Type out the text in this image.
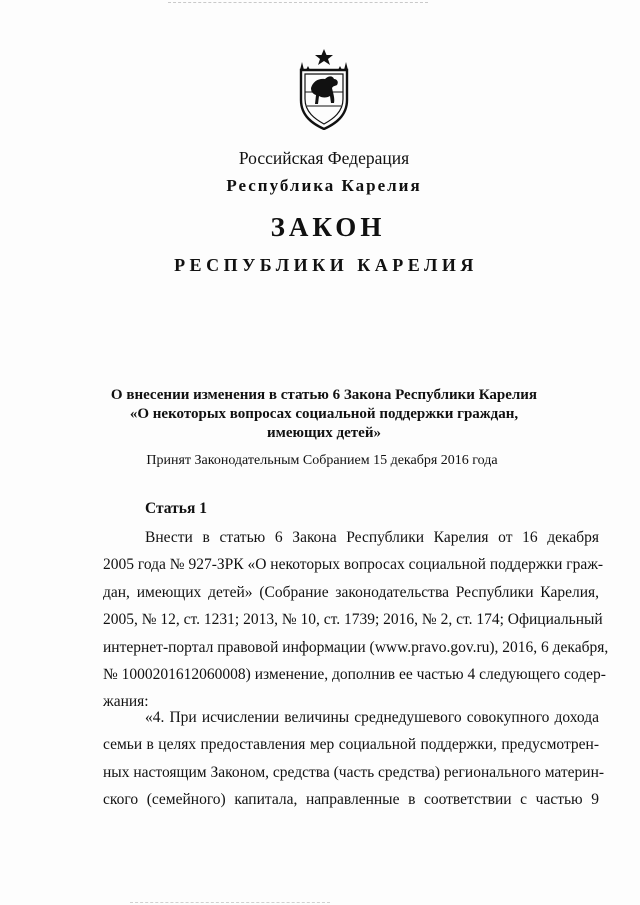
Российская Федерация
Республика Карелия
ЗАКОН
РЕСПУБЛИКИ КАРЕЛИЯ
О внесении изменения в статью 6 Закона Республики Карелия
«О некоторых вопросах социальной поддержки граждан,
имеющих детей»
Принят Законодательным Собранием 15 декабря 2016 года
Статья 1
Внести в статью 6 Закона Республики Карелия от 16 декабря
2005 года № 927-ЗРК «О некоторых вопросах социальной поддержки граж-
дан, имеющих детей» (Собрание законодательства Республики Карелия,
2005, № 12, ст. 1231; 2013, № 10, ст. 1739; 2016, № 2, ст. 174; Официальный
интернет-портал правовой информации (www.pravo.gov.ru), 2016, 6 декабря,
№ 1000201612060008) изменение, дополнив ее частью 4 следующего содер-
жания:
«4. При исчислении величины среднедушевого совокупного дохода
семьи в целях предоставления мер социальной поддержки, предусмотрен-
ных настоящим Законом, средства (часть средства) регионального материн-
ского (семейного) капитала, направленные в соответствии с частью 9
